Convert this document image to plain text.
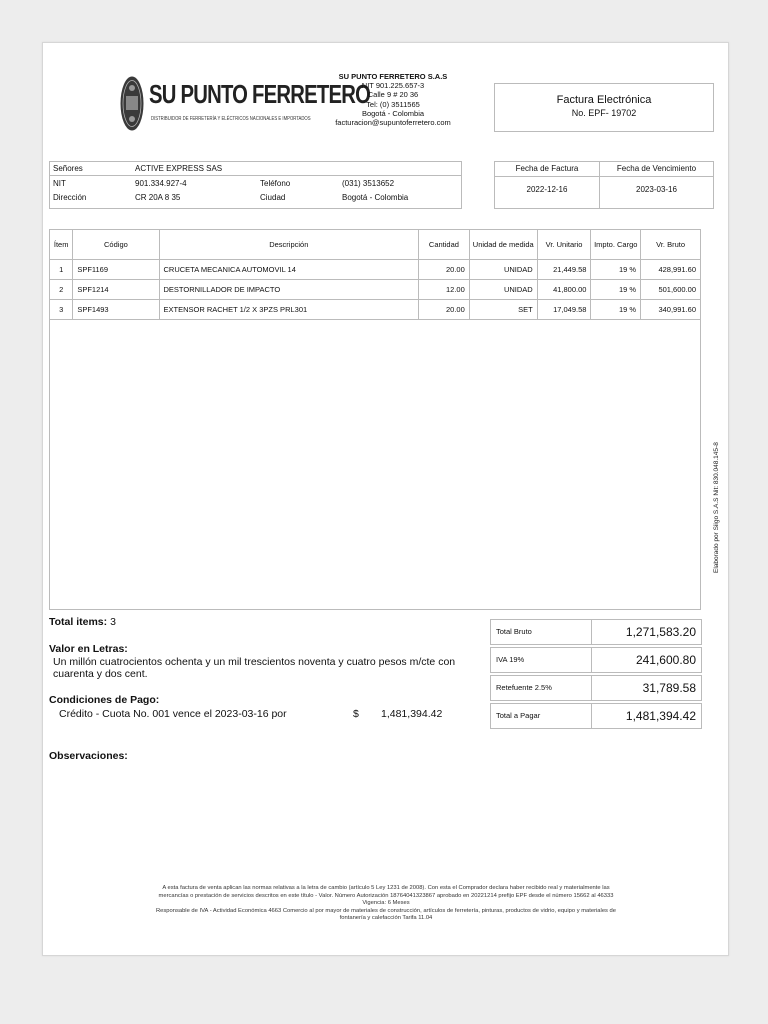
SU PUNTO FERRETERO
DISTRIBUIDOR DE FERRETERÍA Y ELÉCTRICOS NACIONALES E IMPORTADOS
SU PUNTO FERRETERO S.A.S
NIT 901.225.657-3
Calle 9 # 20 36
Tel: (0) 3511565
Bogotá - Colombia
facturacion@supuntoferretero.com
Factura Electrónica
No. EPF- 19702
Señores	ACTIVE EXPRESS SAS
NIT	901.334.927-4	Teléfono	(031) 3513652
Dirección	CR 20A 8 35	Ciudad	Bogotá - Colombia
Fecha de Factura	Fecha de Vencimiento
2022-12-16	2023-03-16
Ítem	Código	Descripción	Cantidad	Unidad de medida	Vr. Unitario	Impto. Cargo	Vr. Bruto
1	SPF1169	CRUCETA MECANICA AUTOMOVIL 14	20.00	UNIDAD	21,449.58	19 %	428,991.60
2	SPF1214	DESTORNILLADOR DE IMPACTO	12.00	UNIDAD	41,800.00	19 %	501,600.00
3	SPF1493	EXTENSOR RACHET 1/2 X 3PZS PRL301	20.00	SET	17,049.58	19 %	340,991.60
Elaborado por Siigo S.A.S Nit: 830.048.145-8
Total items: 3
Valor en Letras:
Un millón cuatrocientos ochenta y un mil trescientos noventa y cuatro pesos m/cte con cuarenta y dos cent.
Condiciones de Pago:
Crédito - Cuota No. 001 vence el 2023-03-16 por	$ 1,481,394.42
Observaciones:
Total Bruto	1,271,583.20
IVA 19%	241,600.80
Retefuente 2.5%	31,789.58
Total a Pagar	1,481,394.42
A esta factura de venta aplican las normas relativas a la letra de cambio (artículo 5 Ley 1231 de 2008). Con esta el Comprador declara haber recibido real y materialmente las
mercancías o prestación de servicios descritos en este título - Valor. Número Autorización 18764041323867 aprobado en 20221214 prefijo EPF desde el número 15662 al 46333
Vigencia: 6 Meses
Responsable de IVA - Actividad Económica 4663 Comercio al por mayor de materiales de construcción, artículos de ferretería, pinturas, productos de vidrio, equipo y materiales de
fontanería y calefacción Tarifa 11.04
